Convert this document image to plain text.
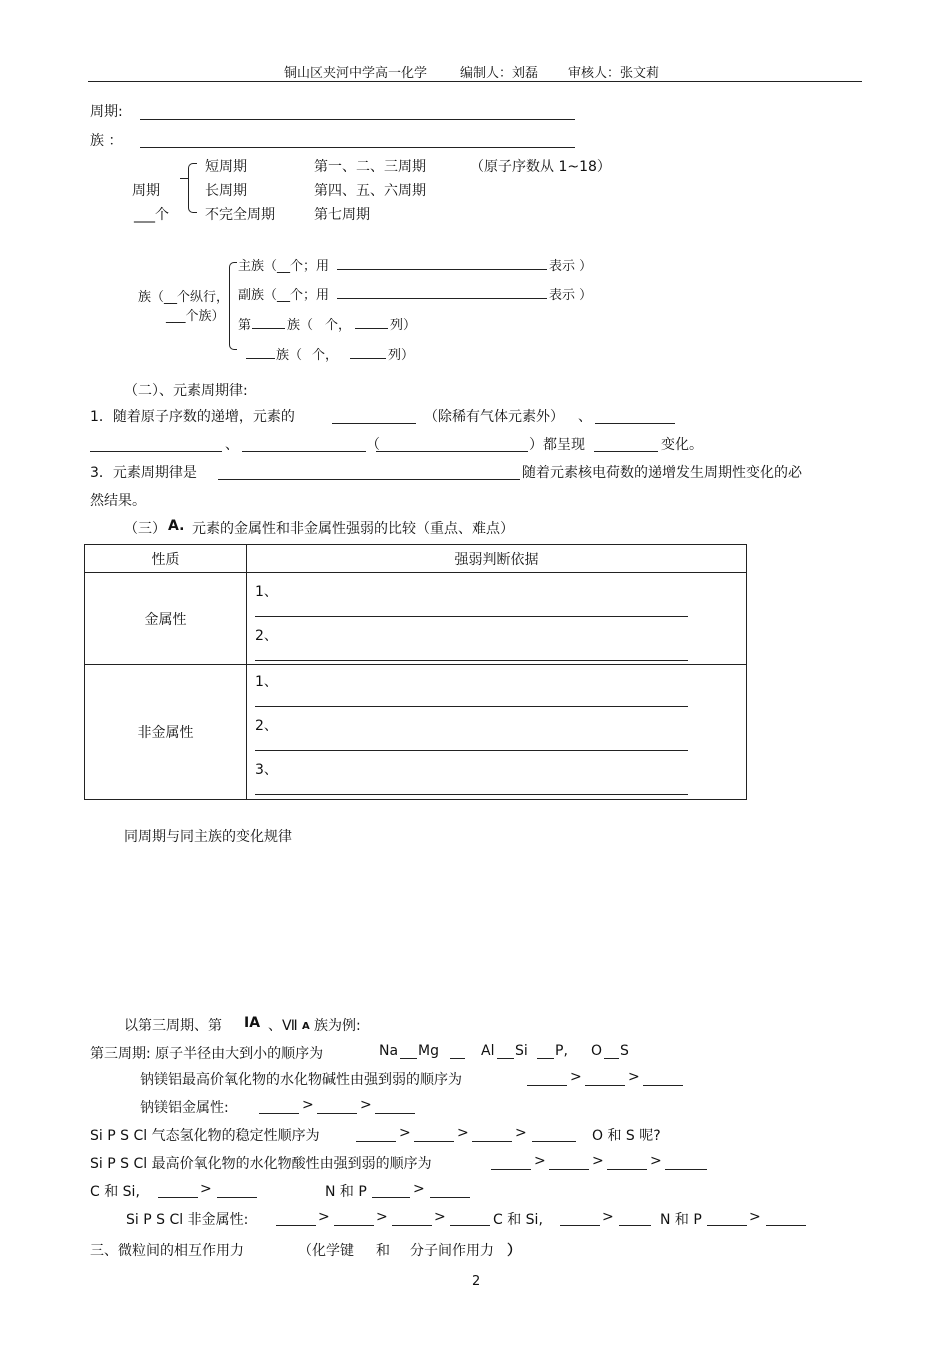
铜山区夹河中学高一化学	编制人：刘磊 审核人：张文莉
周期:
族 ：
周期
___个
短周期	第一、二、三周期	（原子序数从 1~18）
长周期	第四、五、六周期
不完全周期	第七周期
族（__个纵行，
___个族）
主族（__个；用	表示 ）
副族（__个；用	表示 ）
第	族（ 个，	列）
族（ 个，	列）
（二）、元素周期律:
1．随着原子序数的递增，元素的	（除稀有气体元素外） 、
、	（	）都呈现	变化。
3．元素周期律是	随着元素核电荷数的递增发生周期性变化的必
然结果。
（三） A. 元素的金属性和非金属性强弱的比较（重点、难点）
性质	强弱判断依据
金属性	1、
2、

非金属性	1、
2、
3、
同周期与同主族的变化规律
以第三周期、第 IA 、Ⅶ A 族为例:
第三周期: 原子半径由大到小的顺序为	Na Mg	Al Si P, O S
钠镁铝最高价氧化物的水化物碱性由强到弱的顺序为	>	>
钠镁铝金属性:	>	>
Si P S Cl 气态氢化物的稳定性顺序为	>	>	>	O 和 S 呢?
Si P S Cl 最高价氧化物的水化物酸性由强到弱的顺序为	>	>	>
C 和 Si,	>	N 和 P	>
Si P S Cl 非金属性:	>	>	>	C 和 Si,	>	N 和 P	>
三、微粒间的相互作用力	（化学键 和 分子间作用力 ）
2
